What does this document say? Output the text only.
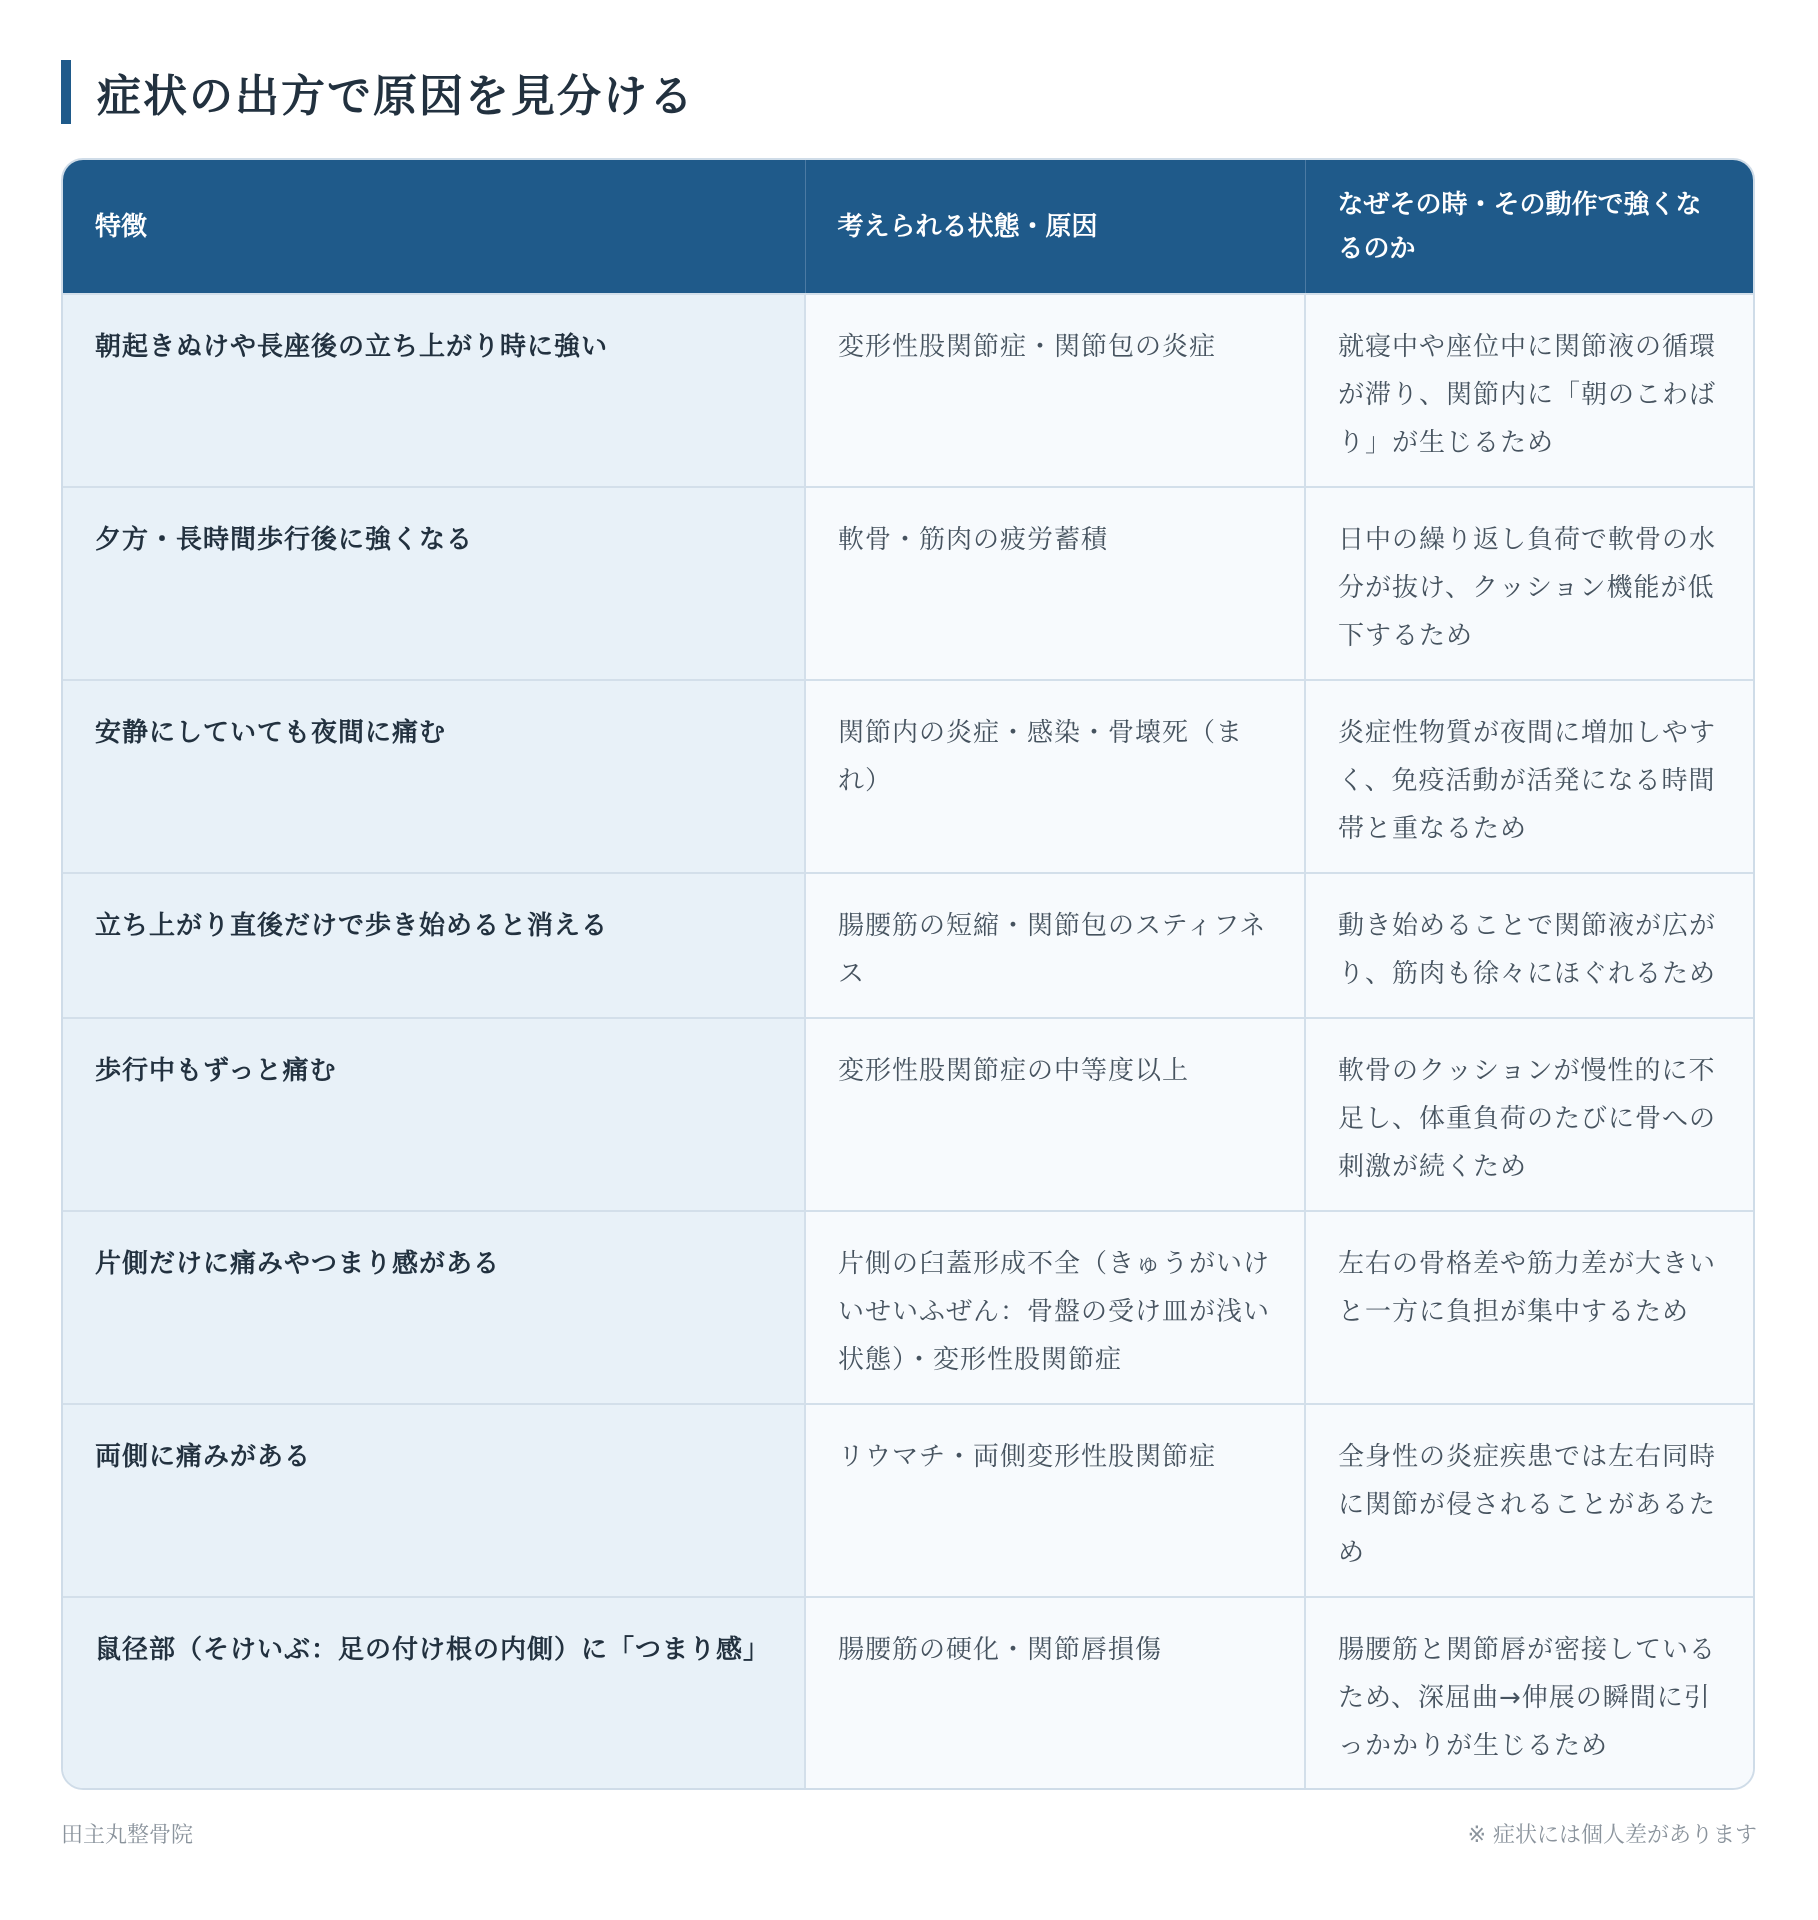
症状の出方で原因を見分ける
特徴	考えられる状態・原因	なぜその時・その動作で強くなるのか
朝起きぬけや長座後の立ち上がり時に強い	変形性股関節症・関節包の炎症	就寝中や座位中に関節液の循環が滞り、関節内に「朝のこわばり」が生じるため
夕方・長時間歩行後に強くなる	軟骨・筋肉の疲労蓄積	日中の繰り返し負荷で軟骨の水分が抜け、クッション機能が低下するため
安静にしていても夜間に痛む	関節内の炎症・感染・骨壊死（まれ）	炎症性物質が夜間に増加しやすく、免疫活動が活発になる時間帯と重なるため
立ち上がり直後だけで歩き始めると消える	腸腰筋の短縮・関節包のスティフネス	動き始めることで関節液が広がり、筋肉も徐々にほぐれるため
歩行中もずっと痛む	変形性股関節症の中等度以上	軟骨のクッションが慢性的に不足し、体重負荷のたびに骨への刺激が続くため
片側だけに痛みやつまり感がある	片側の臼蓋形成不全（きゅうがいけいせいふぜん：骨盤の受け皿が浅い状態）・変形性股関節症	左右の骨格差や筋力差が大きいと一方に負担が集中するため
両側に痛みがある	リウマチ・両側変形性股関節症	全身性の炎症疾患では左右同時に関節が侵されることがあるため
鼠径部（そけいぶ：足の付け根の内側）に「つまり感」	腸腰筋の硬化・関節唇損傷	腸腰筋と関節唇が密接しているため、深屈曲→伸展の瞬間に引っかかりが生じるため
田主丸整骨院	※ 症状には個人差があります
